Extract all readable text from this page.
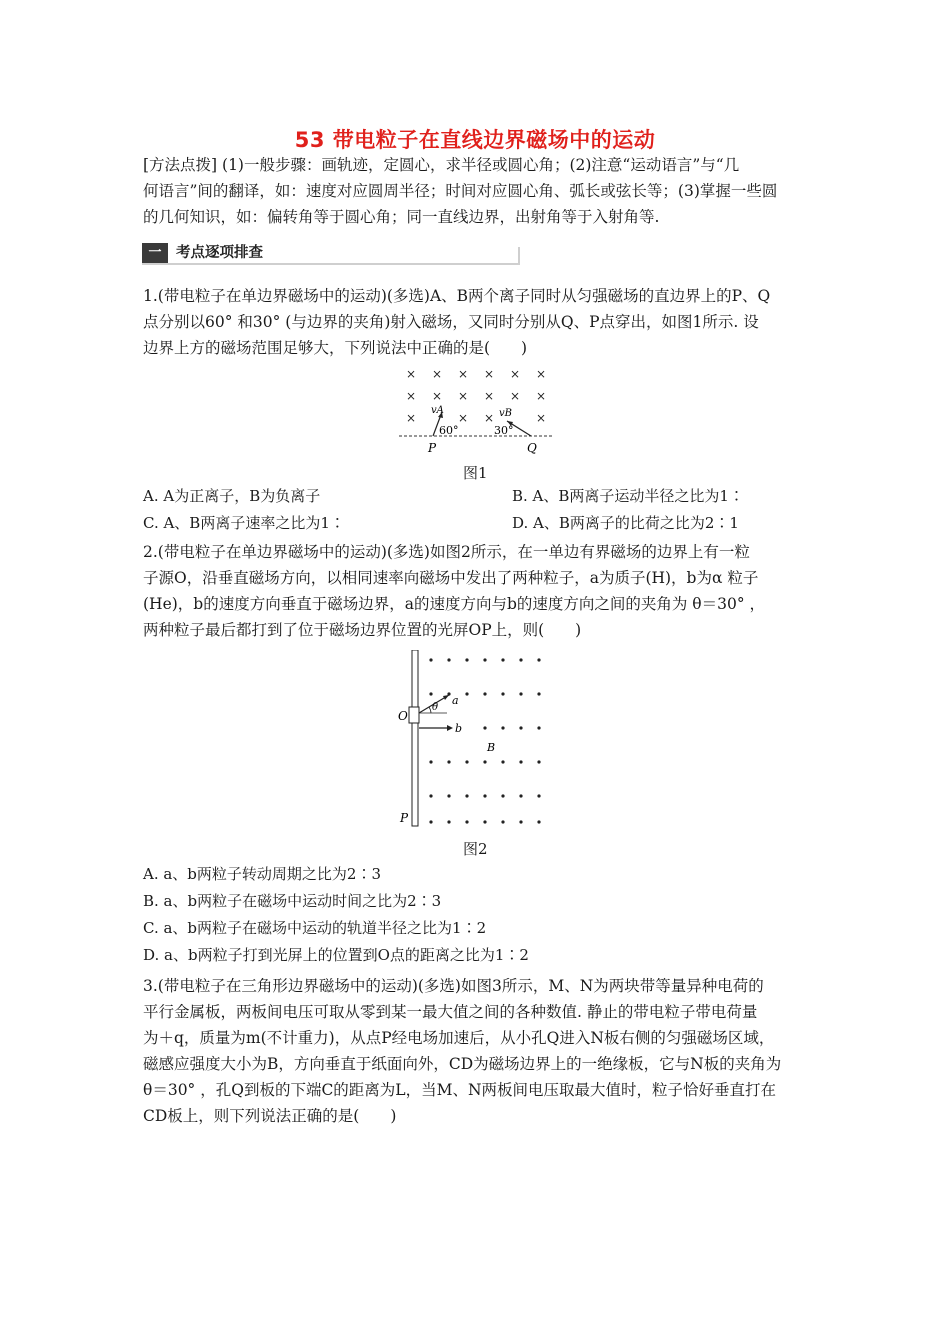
53 带电粒子在直线边界磁场中的运动
[方法点拨] (1)一般步骤：画轨迹，定圆心，求半径或圆心角；(2)注意“运动语言”与“几
何语言”间的翻译，如：速度对应圆周半径；时间对应圆心角、弧长或弦长等；(3)掌握一些圆
的几何知识，如：偏转角等于圆心角；同一直线边界，出射角等于入射角等.
一	考点逐项排查
1.(带电粒子在单边界磁场中的运动)(多选)A、B两个离子同时从匀强磁场的直边界上的P、Q
点分别以60° 和30° (与边界的夹角)射入磁场，又同时分别从Q、P点穿出，如图1所示. 设
边界上方的磁场范围足够大，下列说法中正确的是(　　)
× × × × × ×
× × × × × ×
×	× ×	×
vA	vB
60°	30°
P	Q
图1
A. A为正离子，B为负离子	B. A、B两离子运动半径之比为1∶
C. A、B两离子速率之比为1∶	D. A、B两离子的比荷之比为2∶1
2.(带电粒子在单边界磁场中的运动)(多选)如图2所示，在一单边有界磁场的边界上有一粒
子源O，沿垂直磁场方向，以相同速率向磁场中发出了两种粒子，a为质子(H)，b为α 粒子
(He)，b的速度方向垂直于磁场边界，a的速度方向与b的速度方向之间的夹角为 θ＝30° ，
两种粒子最后都打到了位于磁场边界位置的光屏OP上，则(　　)
θ
a
b
B
O
P
图2
A. a、b两粒子转动周期之比为2∶3
B. a、b两粒子在磁场中运动时间之比为2∶3
C. a、b两粒子在磁场中运动的轨道半径之比为1∶2
D. a、b两粒子打到光屏上的位置到O点的距离之比为1∶2
3.(带电粒子在三角形边界磁场中的运动)(多选)如图3所示，M、N为两块带等量异种电荷的
平行金属板，两板间电压可取从零到某一最大值之间的各种数值. 静止的带电粒子带电荷量
为＋q，质量为m(不计重力)，从点P经电场加速后，从小孔Q进入N板右侧的匀强磁场区域，
磁感应强度大小为B，方向垂直于纸面向外，CD为磁场边界上的一绝缘板，它与N板的夹角为
θ＝30° ，孔Q到板的下端C的距离为L，当M、N两板间电压取最大值时，粒子恰好垂直打在
CD板上，则下列说法正确的是(　　)
